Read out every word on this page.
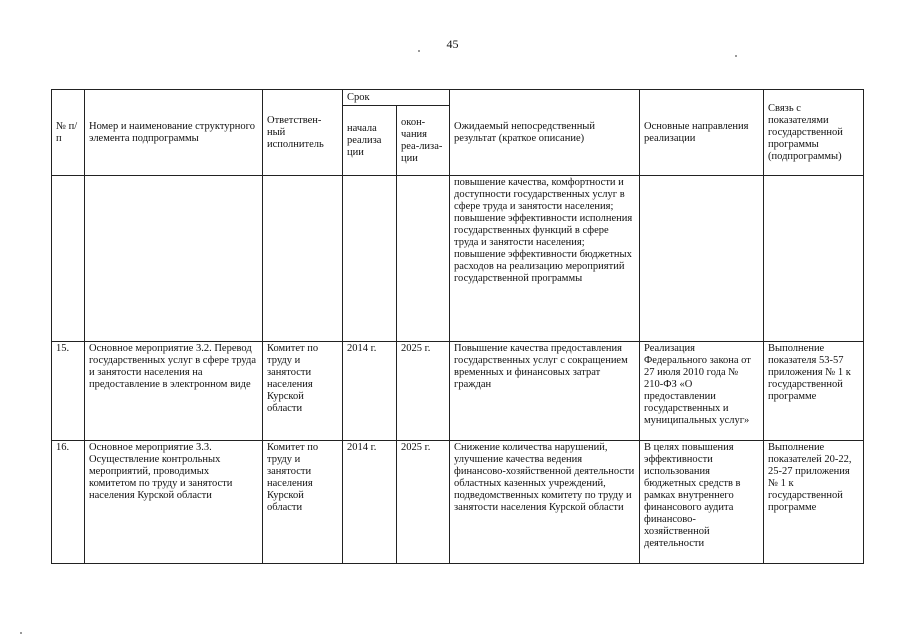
45
№ п/п	Номер и наименование структурного элемента подпрограммы	Ответствен-ный исполнитель	Срок		Ожидаемый непосредственный результат (краткое описание)	Основные направления реализации	Связь с показателями государственной программы (подпрограммы)
			начала реализа ции	окон-чания реа-лиза-ции			
					повышение качества, комфортности и доступности государственных услуг в сфере труда и занятости населения; повышение эффективности исполнения государственных функций в сфере труда и занятости населения; повышение эффективности бюджетных расходов на реализацию мероприятий государственной программы		
15.	Основное мероприятие 3.2. Перевод государственных услуг в сфере труда и занятости населения на предоставление в электронном виде	Комитет по труду и занятости населения Курской области	2014 г.	2025 г.	Повышение качества предоставления государственных услуг с сокращением временных и финансовых затрат граждан	Реализация Федерального закона от 27 июля 2010 года № 210-ФЗ «О предоставлении государственных и муниципальных услуг»	Выполнение показателя 53-57 приложения № 1 к государственной программе
16.	Основное мероприятие 3.3. Осуществление контрольных мероприятий, проводимых комитетом по труду и занятости населения Курской области	Комитет по труду и занятости населения Курской области	2014 г.	2025 г.	Снижение количества нарушений, улучшение качества ведения финансово-хозяйственной деятельности областных казенных учреждений, подведомственных комитету по труду и занятости населения Курской области	В целях повышения эффективности использования бюджетных средств в рамках внутреннего финансового аудита финансово-хозяйственной деятельности	Выполнение показателей 20-22, 25-27 приложения № 1 к государственной программе
